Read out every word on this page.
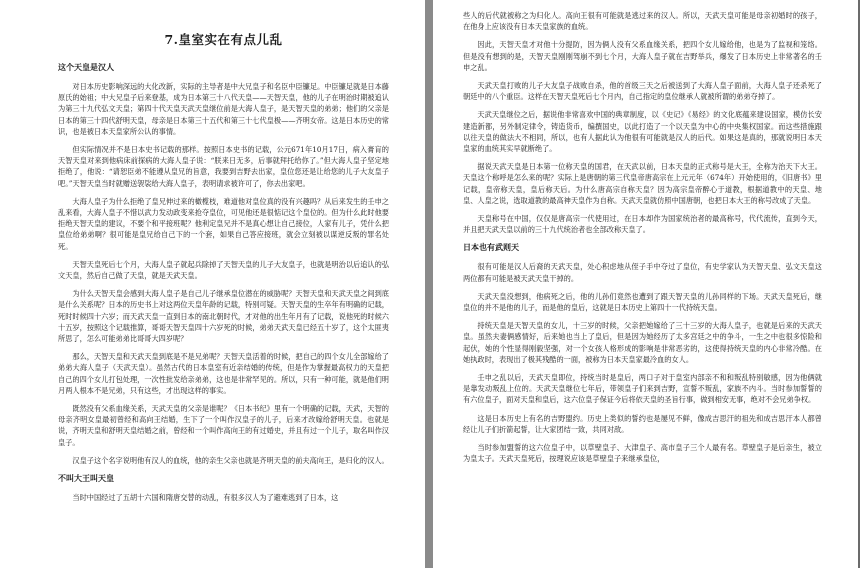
7.皇室实在有点儿乱
这个天皇是汉人

对日本历史影响深远的大化改新，实际的主导者是中大兄皇子和名臣中臣镰足。中臣镰足就是日本藤原氏的始祖；中大兄皇子后来登基，成为日本第三十八代天皇——天智天皇，他的儿子在明治时期被追认为第三十九代弘文天皇；第四十代天皇天武天皇继位前是大海人皇子，是天智天皇的弟弟；他们的父亲是日本的第三十四代舒明天皇，母亲是日本第三十五代和第三十七代皇极——齐明女帝。这是日本历史的常识，也是被日本天皇家所公认的事情。

但实际情况并不是日本史书记载的那样。按照日本史书的记载，公元671年10月17日，病入膏肓的天智天皇对来到他病床前探病的大海人皇子说：“朕来日无多，后事就拜托给你了。”但大海人皇子坚定地拒绝了，他说：“请恕臣弟不能遵从皇兄的旨意，我要到吉野去出家，皇位您还是让给您的儿子大友皇子吧。”天智天皇当时就赠送袈裟给大海人皇子，表明请求被许可了，你去出家吧。

大海人皇子为什么拒绝了皇兄伸过来的橄榄枝，难道他对皇位真的没有兴趣吗？从后来发生的壬申之乱来看，大海人皇子不惜以武力发动政变来抢夺皇位，可见他还是很惦记这个皇位的。但为什么此时他要拒绝天智天皇的建议，不要个和平接班呢？他利定皇兄并不是真心想让自己接位，人家有儿子，凭什么把皇位给弟弟啊？很可能是皇兄给自己下的一个套，如果自己答应接班，就会立刻被以谋逆反叛的罪名处死。

天智天皇死后七个月，大海人皇子就起兵除掉了天智天皇的儿子大友皇子，也就是明治以后追认的弘文天皇，然后自己做了天皇，就是天武天皇。

为什么天智天皇会感到大海人皇子是自己儿子继承皇位潜在的威胁呢？天智天皇和天武天皇之间到底是什么关系呢？日本的历史书上对这两位天皇年龄的记载，特别可疑。天智天皇的生卒年有明确的记载，死时时候四十六岁；而天武天皇一直到日本的南北朝时代，才对他的出生年月有了记载，说他死的时候六十五岁，按照这个记载推算，哥哥天智天皇四十六岁死的时候，弟弟天武天皇已经五十岁了，这个太匪夷所思了，怎么可能弟弟比哥哥大四岁呢？

那么，天智天皇和天武天皇到底是不是兄弟呢？天智天皇活着的时候，把自己的四个女儿全部嫁给了弟弟大海人皇子（天武天皇）。虽然古代的日本皇室有近亲结婚的传统，但是作为掌握最高权力的天皇把自己的四个女儿打包处理，一次性批发给亲弟弟，这也是非常罕见的。所以，只有一种可能，就是他们明月两人根本不是兄弟，只有这些，才出现这样的事实。

既然没有父系血缘关系，天武天皇的父亲是谁呢？《日本书纪》里有一个明确的记载，天武，天智的母亲齐明女皇最初曾经和高向王结婚，生下了一个叫作汉皇子的儿子，后来才改嫁给舒明天皇。也就是说，齐明天皇和舒明天皇结婚之前，曾经和一个叫作高向王的有过婚史，并且有过一个儿子，取名叫作汉皇子。

汉皇子这个名字说明他有汉人的血统，他的亲生父亲也就是齐明天皇的前夫高向王，是归化的汉人。

不叫大王叫天皇

当时中国经过了五胡十六国和隋唐交替的动乱，有很多汉人为了避难逃到了日本，这

些人的后代就被称之为归化人。高向王很有可能就是逃过来的汉人。所以，天武天皇可能是母亲初婚时的孩子，在他身上应该没有日本天皇家族的血统。

因此，天智天皇才对他十分提防，因为俩人没有父系血缘关系，把四个女儿嫁给他，也是为了监视和笼络。但是没有想到的是，天智天皇刚刚驾崩不到七个月，大海人皇子就在吉野举兵，爆发了日本历史上非常著名的壬申之乱。

天武天皇打败的儿子大友皇子战败自杀，他的首级三天之后被送到了大海人皇子面前，大海人皇子还杀死了朝廷中的八个重臣。这样在天智天皇死后七个月内，自己指定的皇位继承人就被所谓的弟弟夺掉了。

天武天皇继位之后，据说他非常喜欢中国的典章制度，以《史记》《易经》的文化底蕴来建设国家，模仿长安建造新都，另外制定律令，铸造货币，编撰国史，以此打造了一个以天皇为中心的中央集权国家。而这些措施跟以往天皇的做法大不相同，所以，也有人据此认为他很有可能就是汉人的后代。如果这是真的，那就说明日本天皇家的血统其实早就断绝了。

据说天武天皇是日本第一位称天皇的国君，在天武以前，日本天皇的正式称号是大王，全称为治天下大王。天皇这个称呼是怎么来的呢？实际上是唐朝的第三代皇帝唐高宗在上元元年（674年）开始使用的，《旧唐书》里记载，皇帝称天皇，皇后称天后。为什么唐高宗自称天皇？因为高宗皇帝醉心于道教，根据道教中的天皇、地皇、人皇之说，选取道教的最高神天皇作为自称。天武天皇就仿照中国唐朝，也把日本大王的称号改成了天皇。

天皇称号在中国，仅仅是唐高宗一代使用过，在日本却作为国家统治者的最高称号，代代流传，直到今天，并且把天武天皇以前的三十九代统治者也全部改称天皇了。

日本也有武则天

很有可能是汉人后裔的天武天皇，处心积虑地从侄子手中夺过了皇位，有史学家认为天智天皇、弘文天皇这两位都有可能是被天武天皇干掉的。

天武天皇没想到，他病死之后，他的儿孙们竟然也遭到了跟天智天皇的儿孙同样的下场。天武天皇死后，继皇位的并不是他的儿子，而是他的皇后，这就是日本历史上第四十一代持统天皇。

持统天皇是天智天皇的女儿，十三岁的时候，父亲把她嫁给了三十三岁的大海人皇子，也就是后来的天武天皇。虽然夫妻俩感情好，后来她也当上了皇后，但是因为她经历了太多宫廷之中的争斗，一生之中也很多惊险和起伏，她的个性显得刚毅坚强，对一个女孩人格形成的影响是非常恶劣的，这使得持统天皇的内心非常冷酷。在她执政时，表现出了极其残酷的一面，被称为日本天皇家最冷血的女人。

壬申之乱以后，天武天皇即位，持统当时是皇后，两口子对于皇室内部亲不和和叛乱特别敏感，因为他俩就是靠发动叛乱上位的。天武天皇继位七年后，带领皇子们来到吉野，宣誓不叛乱，家族不内斗。当时参加誓誓的有六位皇子，面对天皇和皇后，这六位皇子保证今后将依天皇的圣旨行事，做到相安无事，绝对不会兄弟争权。

这是日本历史上有名的吉野盟约。历史上类似的誓约也是屡见不鲜，像成吉思汗的祖先和成吉思汗本人都曾经让儿子们折箭起誓，让大家团结一致，共同对敌。

当时参加盟誓的这六位皇子中，以草壁皇子、大津皇子、高市皇子三个人最有名。草壁皇子是后亲生，被立为皇太子。天武天皇死后，按理说应该是草壁皇子来继承皇位，
